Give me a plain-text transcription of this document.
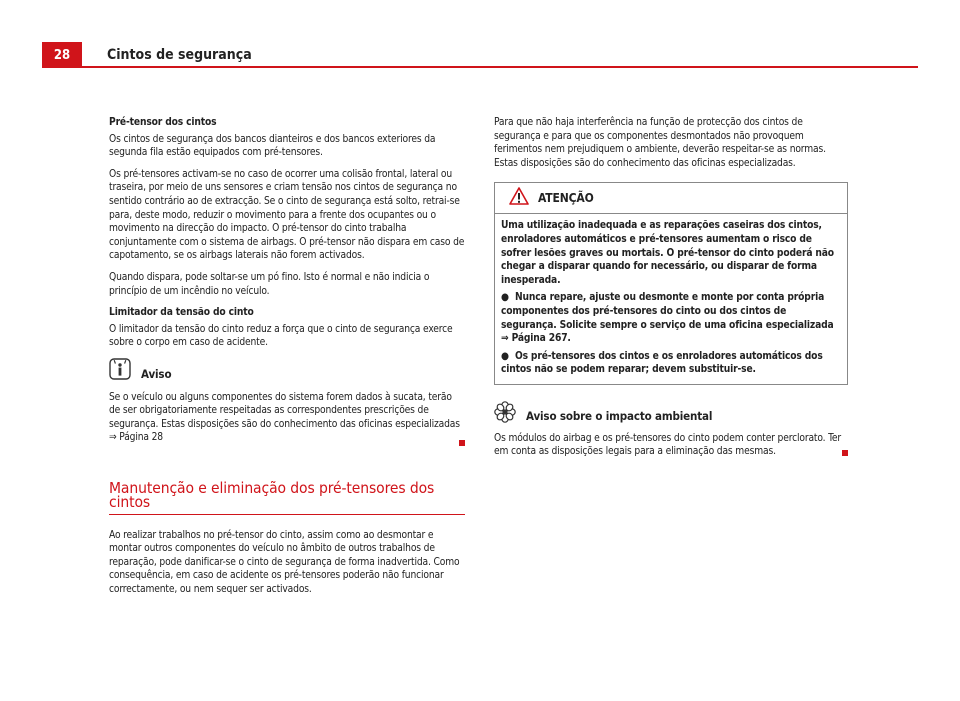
28	Cintos de segurança

Pré-tensor dos cintos

Os cintos de segurança dos bancos dianteiros e dos bancos exteriores da segunda fila estão equipados com pré-tensores.

Os pré-tensores activam-se no caso de ocorrer uma colisão frontal, lateral ou traseira, por meio de uns sensores e criam tensão nos cintos de segurança no sentido contrário ao de extracção. Se o cinto de segurança está solto, retrai-se para, deste modo, reduzir o movimento para a frente dos ocupantes ou o movimento na direcção do impacto. O pré-tensor do cinto trabalha conjuntamente com o sistema de airbags. O pré-tensor não dispara em caso de capotamento, se os airbags laterais não forem activados.

Quando dispara, pode soltar-se um pó fino. Isto é normal e não indicia o princípio de um incêndio no veículo.

Limitador da tensão do cinto

O limitador da tensão do cinto reduz a força que o cinto de segurança exerce sobre o corpo em caso de acidente.

Aviso

Se o veículo ou alguns componentes do sistema forem dados à sucata, terão de ser obrigatoriamente respeitadas as correspondentes prescrições de segurança. Estas disposições são do conhecimento das oficinas especializadas ⇒ Página 28

Manutenção e eliminação dos pré-tensores dos cintos

Ao realizar trabalhos no pré-tensor do cinto, assim como ao desmontar e montar outros componentes do veículo no âmbito de outros trabalhos de reparação, pode danificar-se o cinto de segurança de forma inadvertida. Como consequência, em caso de acidente os pré-tensores poderão não funcionar correctamente, ou nem sequer ser activados.

Para que não haja interferência na função de protecção dos cintos de segurança e para que os componentes desmontados não provoquem ferimentos nem prejudiquem o ambiente, deverão respeitar-se as normas. Estas disposições são do conhecimento das oficinas especializadas.

ATENÇÃO

Uma utilização inadequada e as reparações caseiras dos cintos, enroladores automáticos e pré-tensores aumentam o risco de sofrer lesões graves ou mortais. O pré-tensor do cinto poderá não chegar a disparar quando for necessário, ou disparar de forma inesperada.

●  Nunca repare, ajuste ou desmonte e monte por conta própria componentes dos pré-tensores do cinto ou dos cintos de segurança. Solicite sempre o serviço de uma oficina especializada ⇒ Página 267.

●  Os pré-tensores dos cintos e os enroladores automáticos dos cintos não se podem reparar; devem substituir-se.

Aviso sobre o impacto ambiental

Os módulos do airbag e os pré-tensores do cinto podem conter perclorato. Ter em conta as disposições legais para a eliminação das mesmas.
